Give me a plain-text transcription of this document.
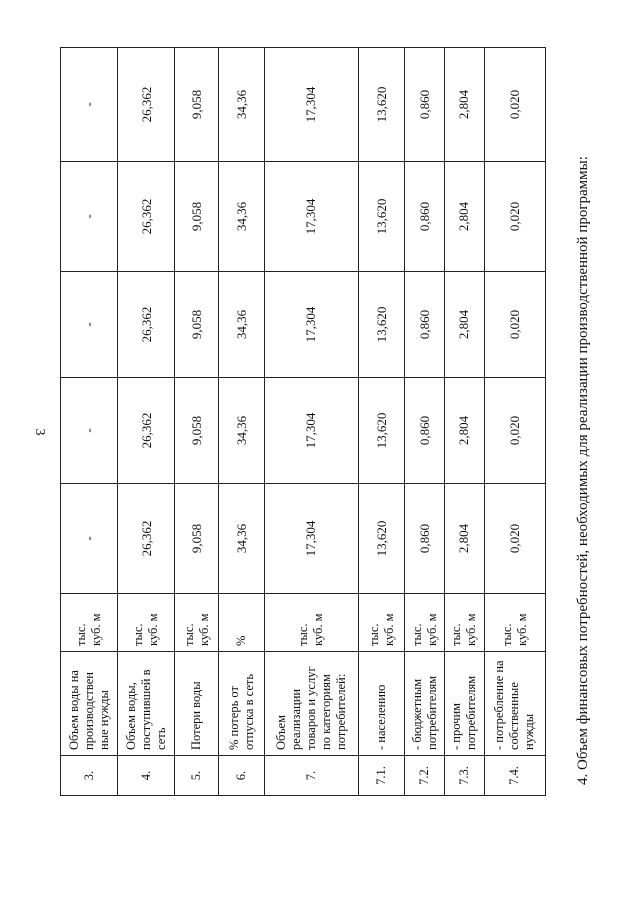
3
3.	Объем воды на производствен ные нужды	тыс. куб. м	-	-	-	-	-
4.	Объем воды, поступившей в сеть	тыс. куб. м	26,362	26,362	26,362	26,362	26,362
5.	Потери воды	тыс. куб. м	9,058	9,058	9,058	9,058	9,058
6.	% потерь от отпуска в сеть	%	34,36	34,36	34,36	34,36	34,36
7.	Объем реализации товаров и услуг по категориям потребителей:	тыс. куб. м	17,304	17,304	17,304	17,304	17,304
7.1.	- населению	тыс. куб. м	13,620	13,620	13,620	13,620	13,620
7.2.	- бюджетным потребителям	тыс. куб. м	0,860	0,860	0,860	0,860	0,860
7.3.	- прочим потребителям	тыс. куб. м	2,804	2,804	2,804	2,804	2,804
7.4.	- потребление на собственные нужды	тыс. куб. м	0,020	0,020	0,020	0,020	0,020
4. Объем финансовых потребностей, необходимых для реализации производственной программы:
